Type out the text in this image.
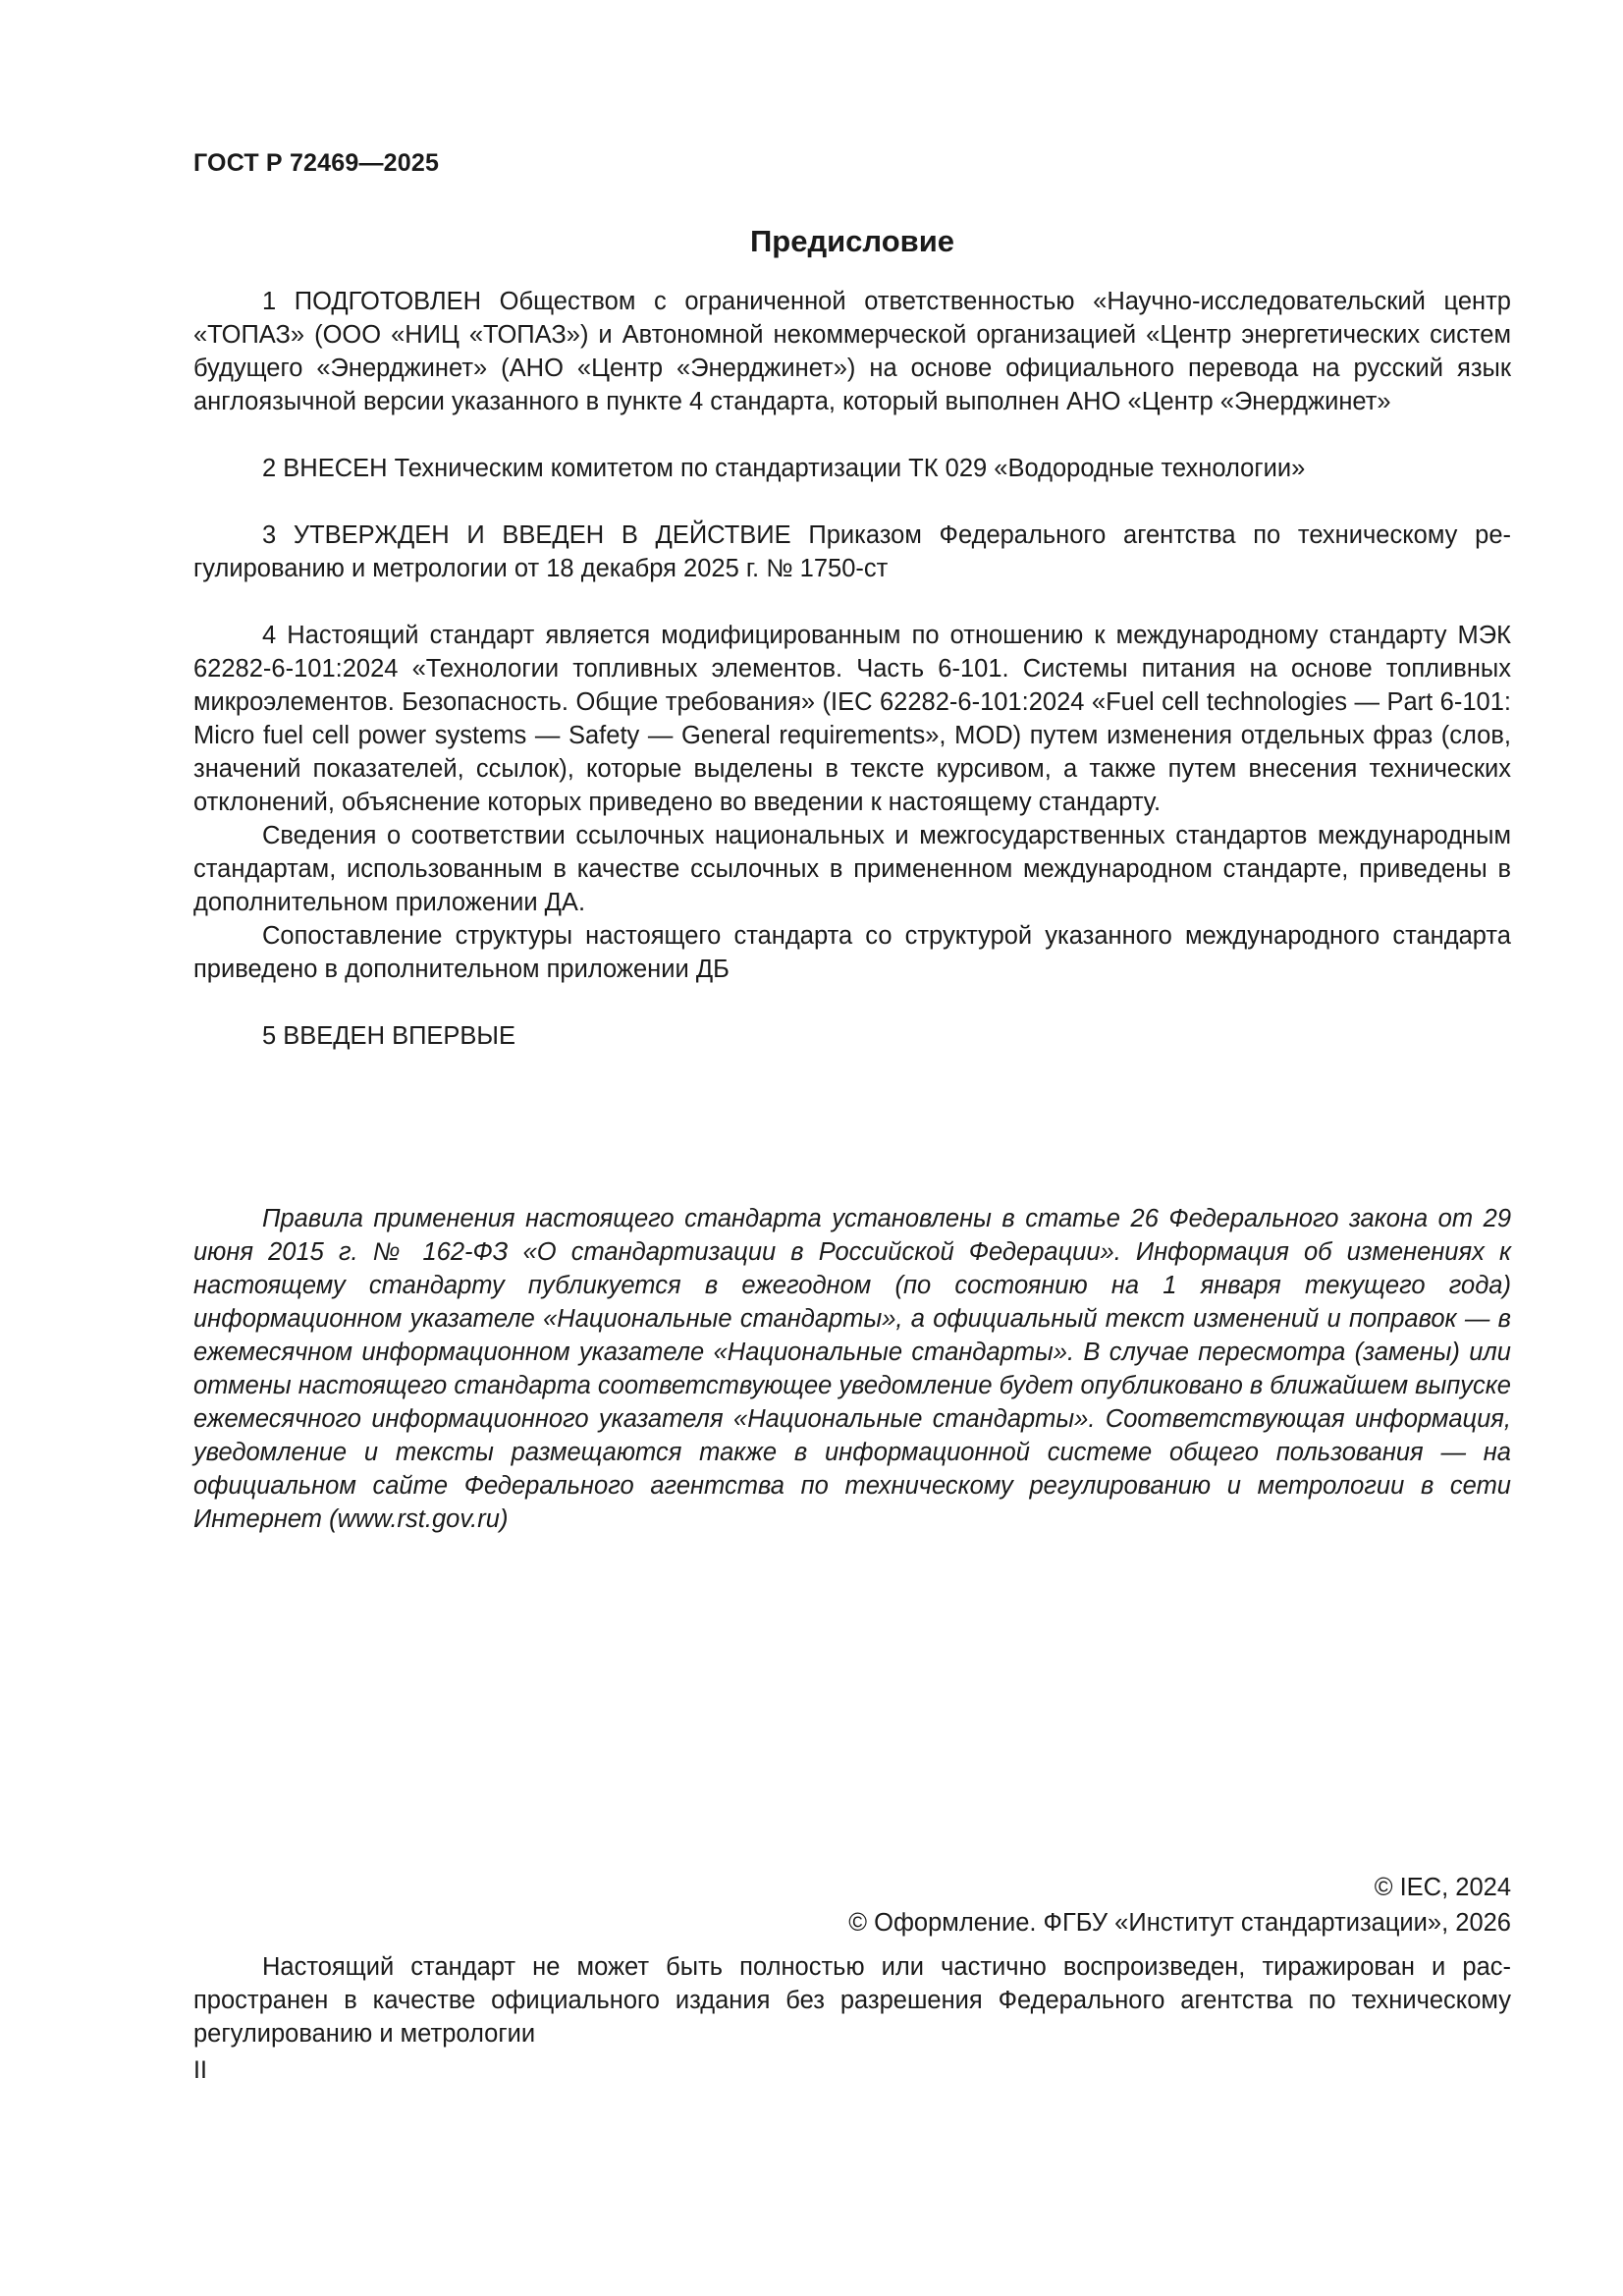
ГОСТ Р 72469—2025
Предисловие

1 ПОДГОТОВЛЕН Обществом с ограниченной ответственностью «Научно-исследовательский центр «ТОПАЗ» (ООО «НИЦ «ТОПАЗ») и Автономной некоммерческой организацией «Центр энергетических систем будущего «Энерджинет» (АНО «Центр «Энерджинет») на основе официального перевода на русский язык англоязычной версии указанного в пункте 4 стандарта, который выполнен АНО «Центр «Энерджинет»

2 ВНЕСЕН Техническим комитетом по стандартизации ТК 029 «Водородные технологии»

3 УТВЕРЖДЕН И ВВЕДЕН В ДЕЙСТВИЕ Приказом Федерального агентства по техническому регулированию и метрологии от 18 декабря 2025 г. № 1750-ст

4 Настоящий стандарт является модифицированным по отношению к международному стандарту МЭК 62282-6-101:2024 «Технологии топливных элементов. Часть 6-101. Системы питания на основе топливных микроэлементов. Безопасность. Общие требования» (IEC 62282-6-101:2024 «Fuel cell technologies — Part 6-101: Micro fuel cell power systems — Safety — General requirements», MOD) путем изменения отдельных фраз (слов, значений показателей, ссылок), которые выделены в тексте курсивом, а также путем внесения технических отклонений, объяснение которых приведено во введении к настоящему стандарту.

Сведения о соответствии ссылочных национальных и межгосударственных стандартов международным стандартам, использованным в качестве ссылочных в примененном международном стандарте, приведены в дополнительном приложении ДА.

Сопоставление структуры настоящего стандарта со структурой указанного международного стандарта приведено в дополнительном приложении ДБ

5 ВВЕДЕН ВПЕРВЫЕ

Правила применения настоящего стандарта установлены в статье 26 Федерального закона от 29 июня 2015 г. № 162-ФЗ «О стандартизации в Российской Федерации». Информация об изменениях к настоящему стандарту публикуется в ежегодном (по состоянию на 1 января текущего года) информационном указателе «Национальные стандарты», а официальный текст изменений и поправок — в ежемесячном информационном указателе «Национальные стандарты». В случае пересмотра (замены) или отмены настоящего стандарта соответствующее уведомление будет опубликовано в ближайшем выпуске ежемесячного информационного указателя «Национальные стандарты». Соответствующая информация, уведомление и тексты размещаются также в информационной системе общего пользования — на официальном сайте Федерального агентства по техническому регулированию и метрологии в сети Интернет (www.rst.gov.ru)

© IEC, 2024
© Оформление. ФГБУ «Институт стандартизации», 2026

Настоящий стандарт не может быть полностью или частично воспроизведен, тиражирован и распространен в качестве официального издания без разрешения Федерального агентства по техническому регулированию и метрологии

II
